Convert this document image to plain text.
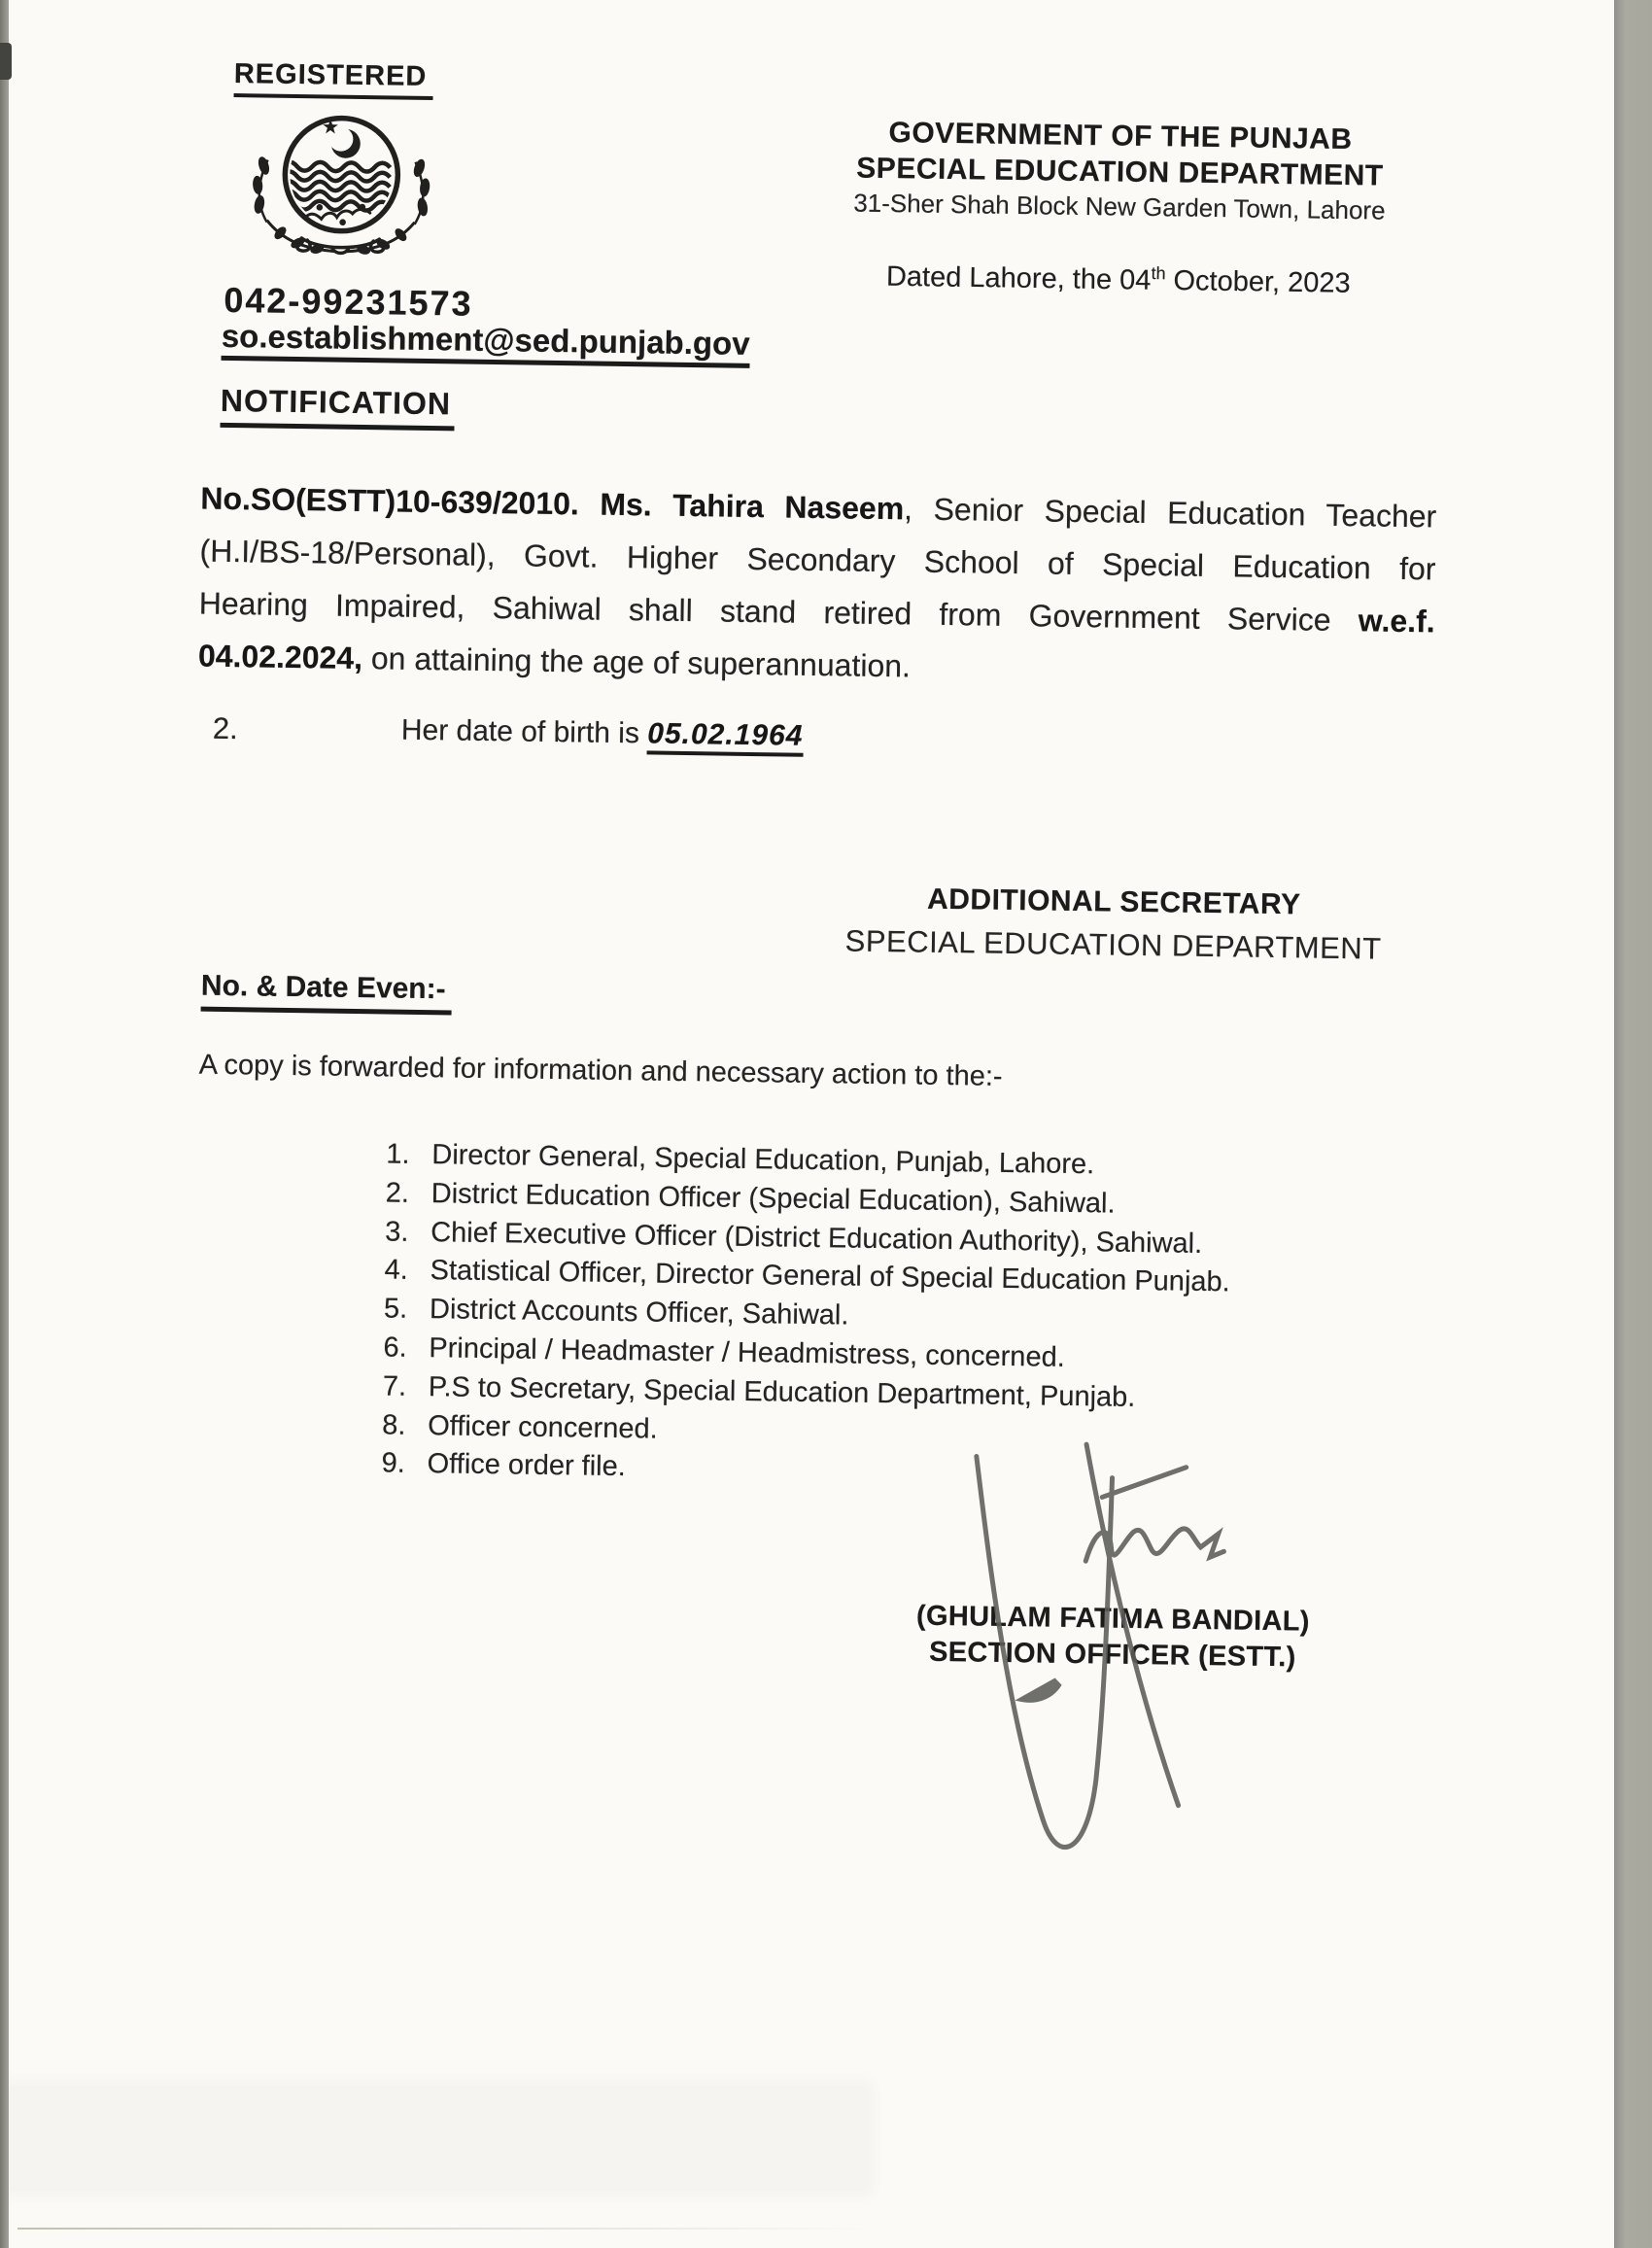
REGISTERED
042-99231573
so.establishment@sed.punjab.gov
GOVERNMENT OF THE PUNJAB
SPECIAL EDUCATION DEPARTMENT
31-Sher Shah Block New Garden Town, Lahore
Dated Lahore, the 04th October, 2023
NOTIFICATION
No.SO(ESTT)10-639/2010. Ms. Tahira Naseem, Senior Special Education Teacher
(H.I/BS-18/Personal), Govt. Higher Secondary School of Special Education for
Hearing Impaired, Sahiwal shall stand retired from Government Service w.e.f.
04.02.2024, on attaining the age of superannuation.
2.	Her date of birth is 05.02.1964
ADDITIONAL SECRETARY
SPECIAL EDUCATION DEPARTMENT
No. & Date Even:-
A copy is forwarded for information and necessary action to the:-
1. Director General, Special Education, Punjab, Lahore.
2. District Education Officer (Special Education), Sahiwal.
3. Chief Executive Officer (District Education Authority), Sahiwal.
4. Statistical Officer, Director General of Special Education Punjab.
5. District Accounts Officer, Sahiwal.
6. Principal / Headmaster / Headmistress, concerned.
7. P.S to Secretary, Special Education Department, Punjab.
8. Officer concerned.
9. Office order file.
(GHULAM FATIMA BANDIAL)
SECTION OFFICER (ESTT.)
